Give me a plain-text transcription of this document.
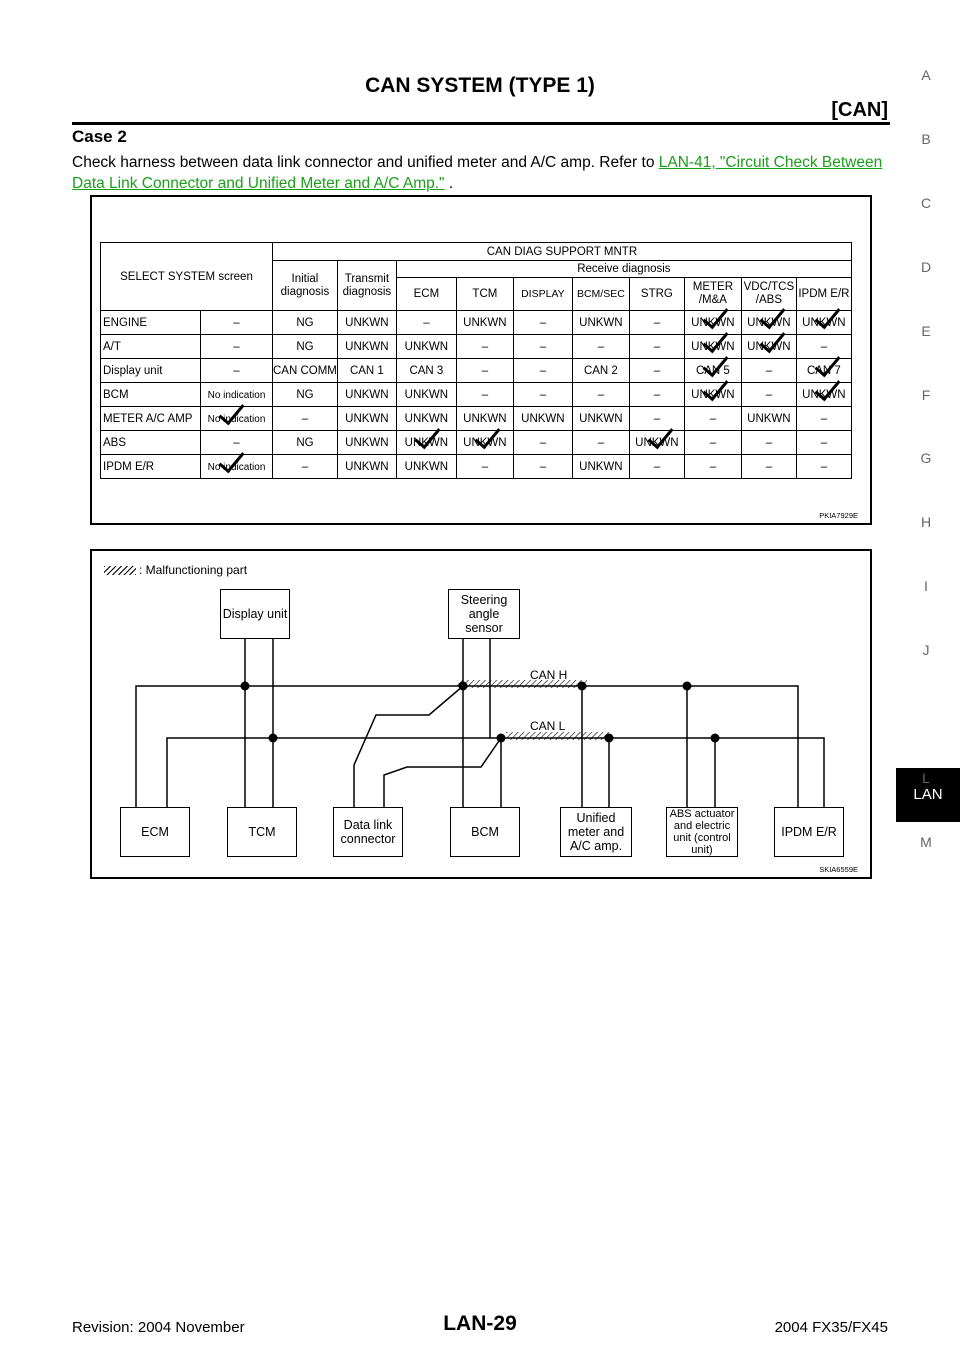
CAN SYSTEM (TYPE 1)
[CAN]
Case 2
Check harness between data link connector and unified meter and A/C amp. Refer to LAN-41, "Circuit Check Between Data Link Connector and Unified Meter and A/C Amp." .
A
B
C
D
E
F
G
H
I
J
LAN
L
M
SELECT SYSTEM screen		CAN DIAG SUPPORT MNTR									
		Initial diagnosis	Transmit diagnosis	Receive diagnosis							
				ECM	TCM	DISPLAY	BCM/SEC	STRG	METER /M&A	VDC/TCS /ABS	IPDM E/R
ENGINE	–	NG	UNKWN	–	UNKWN	–	UNKWN	–	UNKWN	UNKWN	UNKWN

A/T	–	NG	UNKWN	UNKWN	–	–	–	–	UNKWN	UNKWN	–
Display unit	–	CAN COMM	CAN 1	CAN 3	–	–	CAN 2	–	CAN 5	–	CAN 7

BCM	No indication	NG	UNKWN	UNKWN	–	–	–	–	UNKWN	–	UNKWN

METER A/C AMP	No indication	–	UNKWN	UNKWN	UNKWN	UNKWN	UNKWN	–	–	UNKWN	–
ABS	–	NG	UNKWN	UNKWN	UNKWN	–	–	UNKWN	–	–	–
IPDM E/R	No indication	–	UNKWN	UNKWN	–	–	UNKWN	–	–	–	–
PKIA7929E
: Malfunctioning part
CAN H
CAN L
Display unit
Steering angle sensor
ECM	TCM	Data link connector	BCM
Unified meter and A/C amp.
ABS actuator and electric unit (control unit)
IPDM E/R
SKIA6559E
Revision: 2004 November	LAN-29	2004 FX35/FX45
